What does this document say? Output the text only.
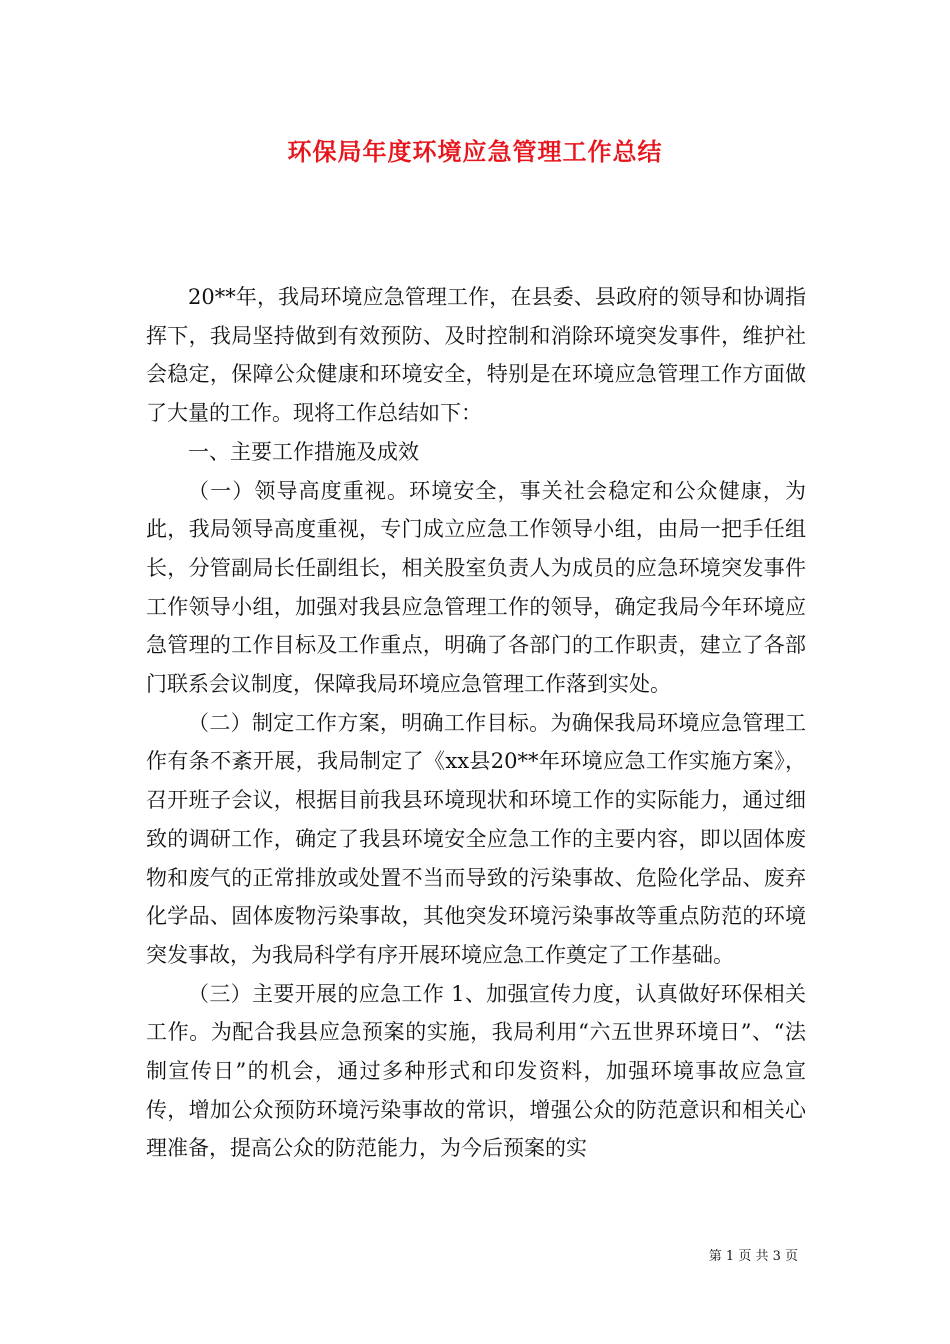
环保局年度环境应急管理工作总结

20**年，我局环境应急管理工作，在县委、县政府的领导和协调指挥下，我局坚持做到有效预防、及时控制和消除环境突发事件，维护社会稳定，保障公众健康和环境安全，特别是在环境应急管理工作方面做了大量的工作。现将工作总结如下：

一、主要工作措施及成效

（一）领导高度重视。环境安全，事关社会稳定和公众健康，为此，我局领导高度重视，专门成立应急工作领导小组，由局一把手任组长，分管副局长任副组长，相关股室负责人为成员的应急环境突发事件工作领导小组，加强对我县应急管理工作的领导，确定我局今年环境应急管理的工作目标及工作重点，明确了各部门的工作职责，建立了各部门联系会议制度，保障我局环境应急管理工作落到实处。

（二）制定工作方案，明确工作目标。为确保我局环境应急管理工作有条不紊开展，我局制定了《xx县20**年环境应急工作实施方案》，召开班子会议，根据目前我县环境现状和环境工作的实际能力，通过细致的调研工作，确定了我县环境安全应急工作的主要内容，即以固体废物和废气的正常排放或处置不当而导致的污染事故、危险化学品、废弃化学品、固体废物污染事故，其他突发环境污染事故等重点防范的环境突发事故，为我局科学有序开展环境应急工作奠定了工作基础。

（三）主要开展的应急工作 1、加强宣传力度，认真做好环保相关工作。为配合我县应急预案的实施，我局利用“六五世界环境日”、“法制宣传日”的机会，通过多种形式和印发资料，加强环境事故应急宣传，增加公众预防环境污染事故的常识，增强公众的防范意识和相关心理准备，提高公众的防范能力，为今后预案的实

第 1 页 共 3 页
